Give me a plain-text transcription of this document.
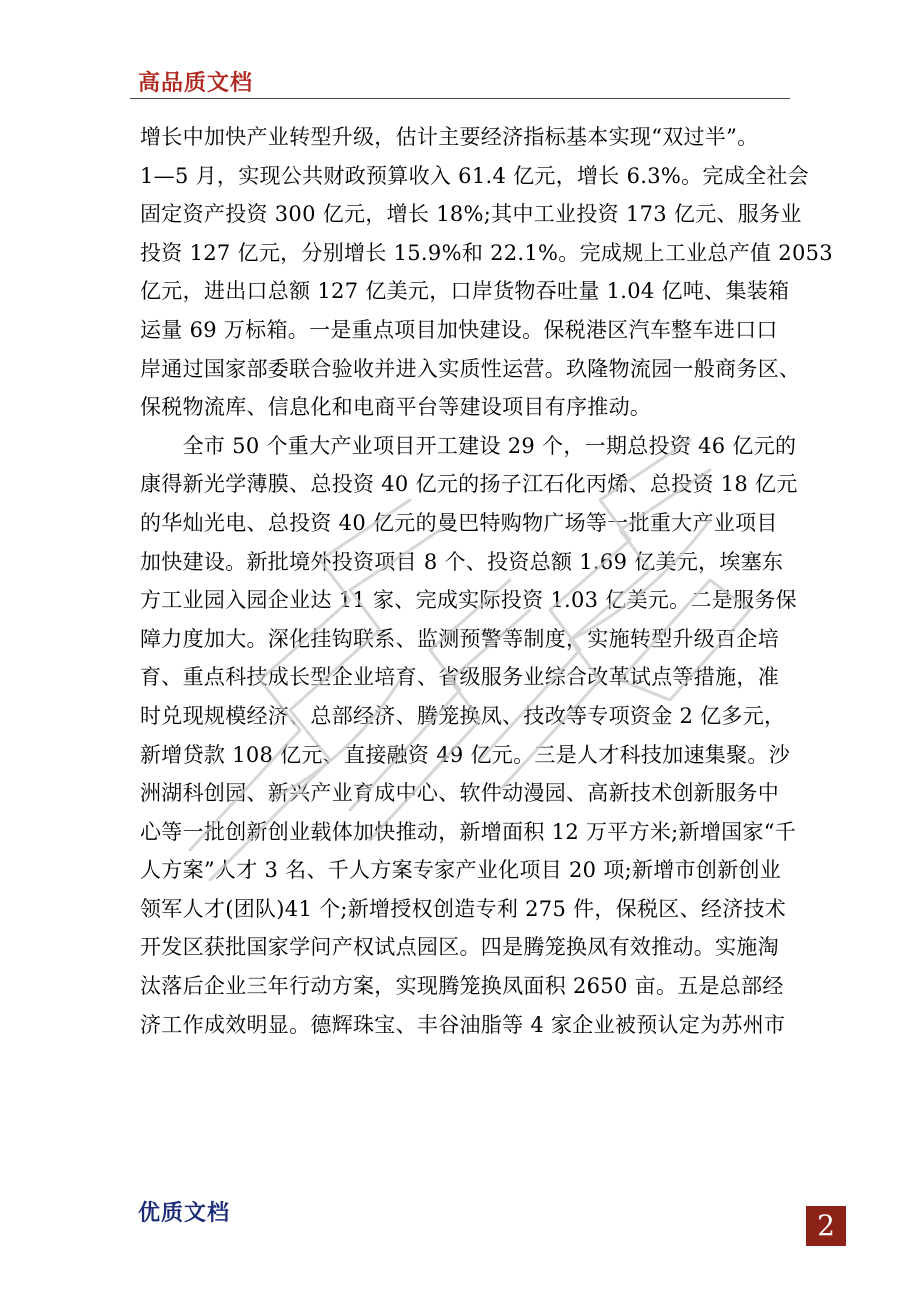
高品质文档
增长中加快产业转型升级，估计主要经济指标基本实现“双过半”。
1—5 月，实现公共财政预算收入 61.4 亿元，增长 6.3%。完成全社会
固定资产投资 300 亿元，增长 18%;其中工业投资 173 亿元、服务业
投资 127 亿元，分别增长 15.9%和 22.1%。完成规上工业总产值 2053
亿元，进出口总额 127 亿美元，口岸货物吞吐量 1.04 亿吨、集装箱
运量 69 万标箱。一是重点项目加快建设。保税港区汽车整车进口口
岸通过国家部委联合验收并进入实质性运营。玖隆物流园一般商务区、
保税物流库、信息化和电商平台等建设项目有序推动。
　　全市 50 个重大产业项目开工建设 29 个，一期总投资 46 亿元的
康得新光学薄膜、总投资 40 亿元的扬子江石化丙烯、总投资 18 亿元
的华灿光电、总投资 40 亿元的曼巴特购物广场等一批重大产业项目
加快建设。新批境外投资项目 8 个、投资总额 1.69 亿美元，埃塞东
方工业园入园企业达 11 家、完成实际投资 1.03 亿美元。二是服务保
障力度加大。深化挂钩联系、监测预警等制度，实施转型升级百企培
育、重点科技成长型企业培育、省级服务业综合改革试点等措施，准
时兑现规模经济、总部经济、腾笼换凤、技改等专项资金 2 亿多元，
新增贷款 108 亿元、直接融资 49 亿元。三是人才科技加速集聚。沙
洲湖科创园、新兴产业育成中心、软件动漫园、高新技术创新服务中
心等一批创新创业载体加快推动，新增面积 12 万平方米;新增国家“千
人方案”人才 3 名、千人方案专家产业化项目 20 项;新增市创新创业
领军人才(团队)41 个;新增授权创造专利 275 件，保税区、经济技术
开发区获批国家学问产权试点园区。四是腾笼换凤有效推动。实施淘
汰落后企业三年行动方案，实现腾笼换凤面积 2650 亩。五是总部经
济工作成效明显。德辉珠宝、丰谷油脂等 4 家企业被预认定为苏州市
优质文档	2
